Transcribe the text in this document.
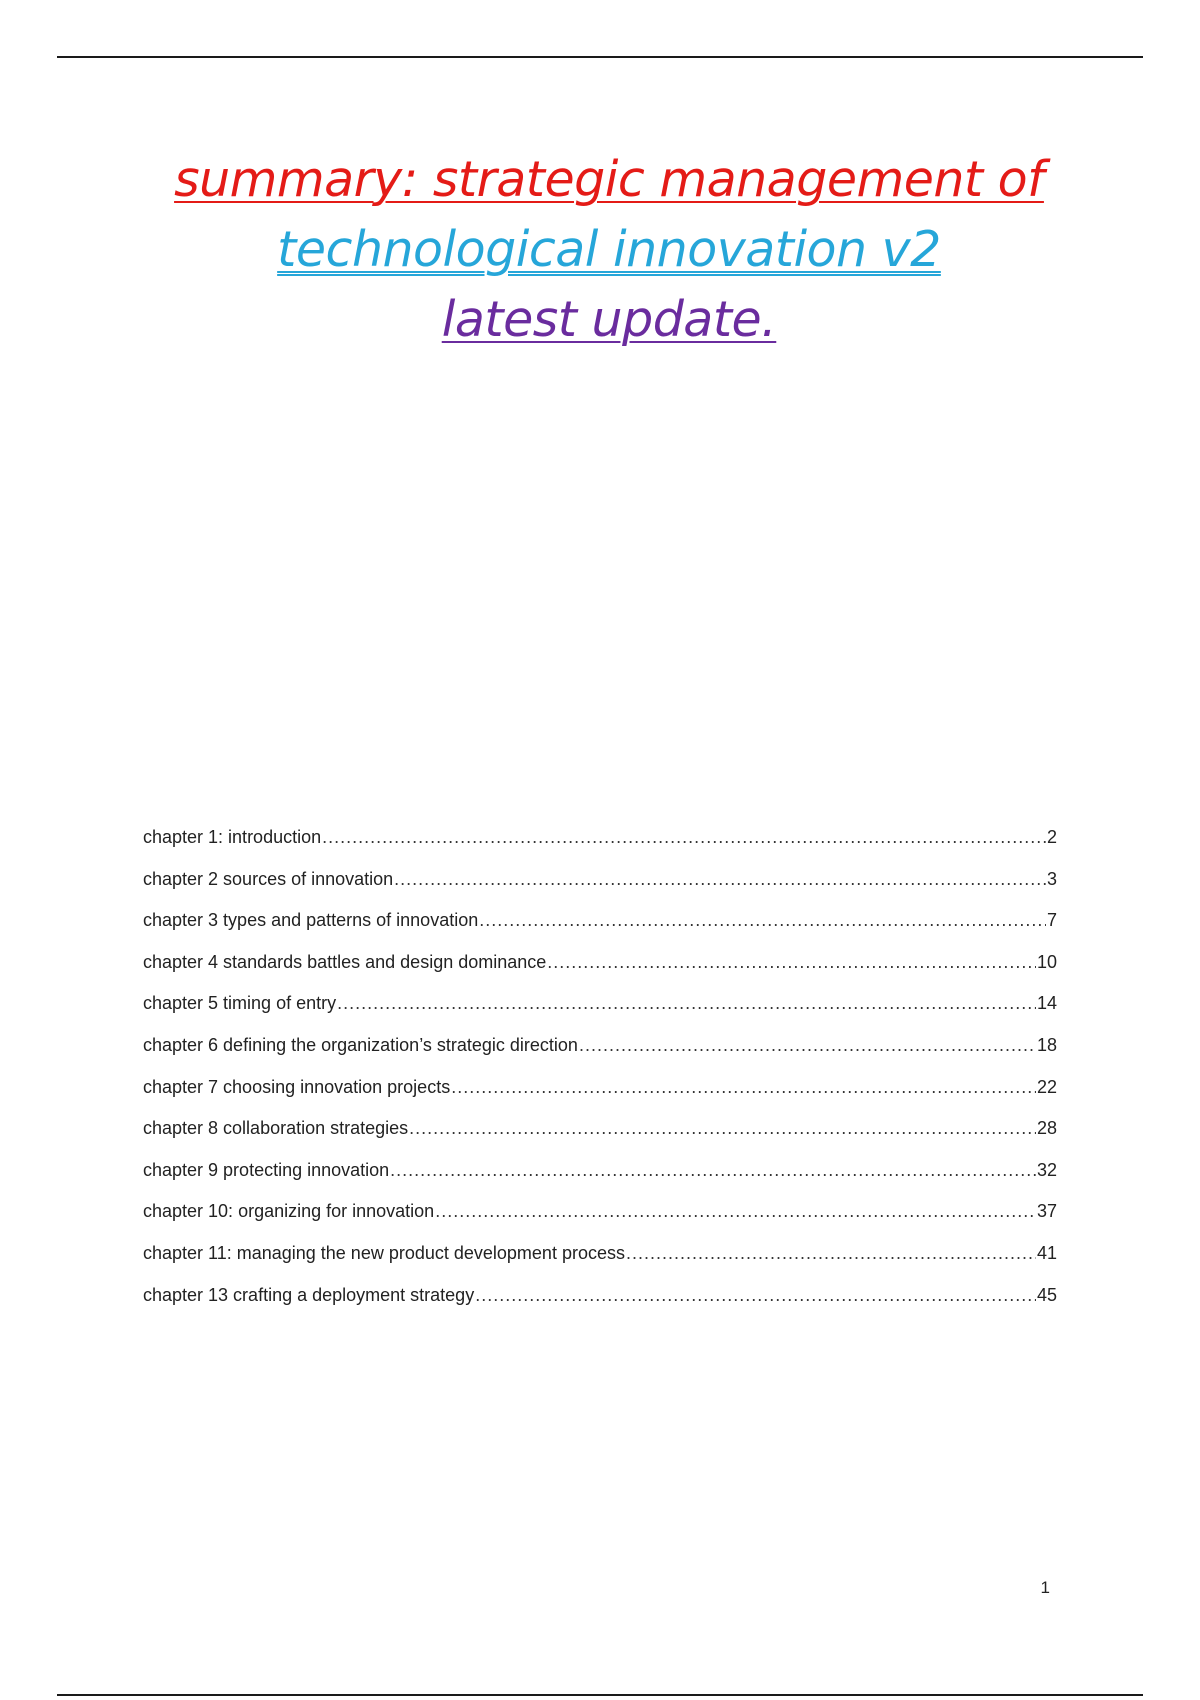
summary: strategic management of
technological innovation v2
latest update.
chapter 1: introduction .....	2
chapter 2 sources of innovation .....	3
chapter 3 types and patterns of innovation .....	7
chapter 4 standards battles and design dominance .....	10
chapter 5 timing of entry .....	14
chapter 6 defining the organization’s strategic direction .....	18
chapter 7 choosing innovation projects .....	22
chapter 8 collaboration strategies .....	28
chapter 9 protecting innovation .....	32
chapter 10: organizing for innovation .....	37
chapter 11: managing the new product development process .....	41
chapter 13 crafting a deployment strategy .....	45
1
